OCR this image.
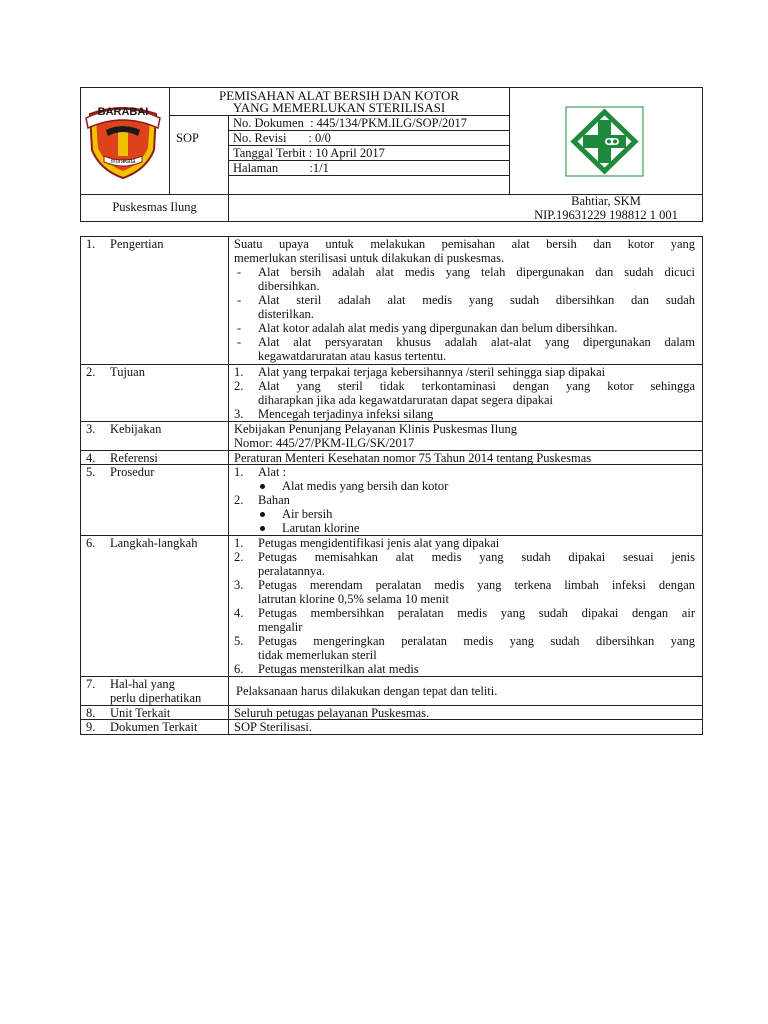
BARABAI
murakata
PEMISAHAN ALAT BERSIH DAN KOTOR
YANG MEMERLUKAN STERILISASI
SOP
No. Dokumen  : 445/134/PKM.ILG/SOP/2017
No. Revisi       : 0/0
Tanggal Terbit : 10 April 2017
Halaman          :1/1
Puskesmas Ilung	Bahtiar, SKM
NIP.19631229 198812 1 001
1. Pengertian	Suatu upaya untuk melakukan pemisahan alat bersih dan kotor yang
memerlukan sterilisasi untuk dilakukan di puskesmas.
- Alat bersih adalah alat medis yang telah dipergunakan dan sudah dicuci
dibersihkan.
- Alat steril adalah alat medis yang sudah dibersihkan dan sudah
disterilkan.
- Alat kotor adalah alat medis yang dipergunakan dan belum dibersihkan.
- Alat alat persyaratan khusus adalah alat-alat yang dipergunakan dalam
kegawatdaruratan atau kasus tertentu.
2. Tujuan	1. Alat yang terpakai terjaga kebersihannya /steril sehingga siap dipakai
2. Alat yang steril tidak terkontaminasi dengan yang kotor sehingga
diharapkan jika ada kegawatdaruratan dapat segera dipakai
3. Mencegah terjadinya infeksi silang
3. Kebijakan	Kebijakan Penunjang Pelayanan Klinis Puskesmas Ilung
Nomor: 445/27/PKM-ILG/SK/2017
4. Referensi	Peraturan Menteri Kesehatan nomor 75 Tahun 2014 tentang Puskesmas
5. Prosedur	1. Alat :
Alat medis yang bersih dan kotor
2. Bahan
Air bersih
Larutan klorine
6. Langkah-langkah	1. Petugas mengidentifikasi jenis alat yang dipakai
2. Petugas memisahkan alat medis yang sudah dipakai sesuai jenis
peralatannya.
3. Petugas merendam peralatan medis yang terkena limbah infeksi dengan
latrutan klorine 0,5% selama 10 menit
4. Petugas membersihkan peralatan medis yang sudah dipakai dengan air
mengalir
5. Petugas mengeringkan peralatan medis yang sudah dibersihkan yang
tidak memerlukan steril
6. Petugas mensterilkan alat medis
7. Hal-hal yang
perlu diperhatikan	Pelaksanaan harus dilakukan dengan tepat dan teliti.
8. Unit Terkait	Seluruh petugas pelayanan Puskesmas.
9. Dokumen Terkait	SOP Sterilisasi.
